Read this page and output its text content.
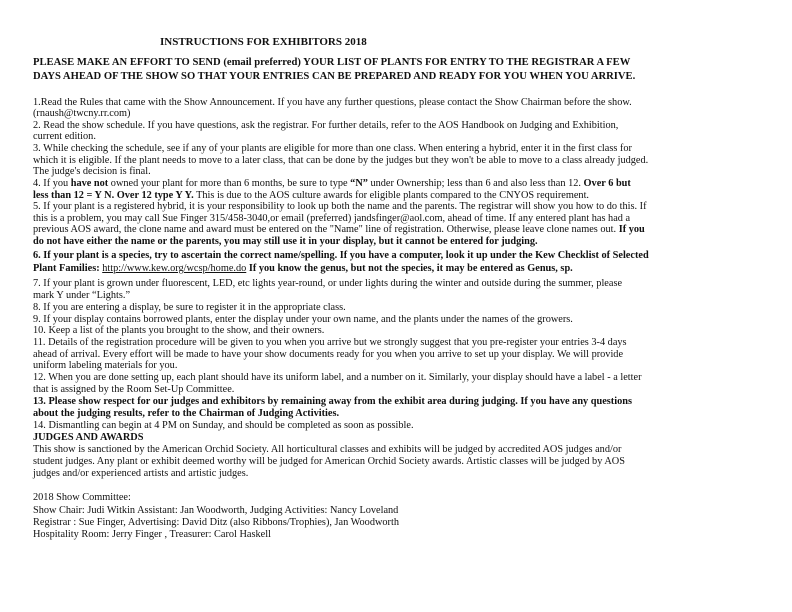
INSTRUCTIONS FOR EXHIBITORS 2018
PLEASE MAKE AN EFFORT TO SEND (email preferred) YOUR LIST OF PLANTS FOR ENTRY TO THE REGISTRAR A FEW
DAYS AHEAD OF THE SHOW SO THAT YOUR ENTRIES CAN BE PREPARED AND READY FOR YOU WHEN YOU ARRIVE.
1.Read the Rules that came with the Show Announcement. If you have any further questions, please contact the Show Chairman before the show.
(rnaush@twcny.rr.com)
2. Read the show schedule. If you have questions, ask the registrar. For further details, refer to the AOS Handbook on Judging and Exhibition,
current edition.
3. While checking the schedule, see if any of your plants are eligible for more than one class. When entering a hybrid, enter it in the first class for
which it is eligible. If the plant needs to move to a later class, that can be done by the judges but they won't be able to move to a class already judged.
The judge's decision is final.
4. If you have not owned your plant for more than 6 months, be sure to type “N” under Ownership; less than 6 and also less than 12. Over 6 but
less than 12 = Y N. Over 12 type Y Y. This is due to the AOS culture awards for eligible plants compared to the CNYOS requirement.
5. If your plant is a registered hybrid, it is your responsibility to look up both the name and the parents. The registrar will show you how to do this. If
this is a problem, you may call Sue Finger 315/458-3040,or email (preferred) jandsfinger@aol.com, ahead of time. If any entered plant has had a
previous AOS award, the clone name and award must be entered on the "Name" line of registration. Otherwise, please leave clone names out. If you
do not have either the name or the parents, you may still use it in your display, but it cannot be entered for judging.
6. If your plant is a species, try to ascertain the correct name/spelling. If you have a computer, look it up under the Kew Checklist of Selected
Plant Families: http://www.kew.org/wcsp/home.do If you know the genus, but not the species, it may be entered as Genus, sp.
7. If your plant is grown under fluorescent, LED, etc lights year-round, or under lights during the winter and outside during the summer, please
mark Y under “Lights.”
8. If you are entering a display, be sure to register it in the appropriate class.
9. If your display contains borrowed plants, enter the display under your own name, and the plants under the names of the growers.
10. Keep a list of the plants you brought to the show, and their owners.
11. Details of the registration procedure will be given to you when you arrive but we strongly suggest that you pre-register your entries 3-4 days
ahead of arrival. Every effort will be made to have your show documents ready for you when you arrive to set up your display. We will provide
uniform labeling materials for you.
12. When you are done setting up, each plant should have its uniform label, and a number on it. Similarly, your display should have a label - a letter
that is assigned by the Room Set-Up Committee.
13. Please show respect for our judges and exhibitors by remaining away from the exhibit area during judging. If you have any questions
about the judging results, refer to the Chairman of Judging Activities.
14. Dismantling can begin at 4 PM on Sunday, and should be completed as soon as possible.
JUDGES AND AWARDS
This show is sanctioned by the American Orchid Society. All horticultural classes and exhibits will be judged by accredited AOS judges and/or
student judges. Any plant or exhibit deemed worthy will be judged for American Orchid Society awards. Artistic classes will be judged by AOS
judges and/or experienced artists and artistic judges.
2018 Show Committee:
Show Chair: Judi Witkin Assistant: Jan Woodworth, Judging Activities: Nancy Loveland
Registrar : Sue Finger, Advertising: David Ditz (also Ribbons/Trophies), Jan Woodworth
Hospitality Room: Jerry Finger , Treasurer: Carol Haskell
